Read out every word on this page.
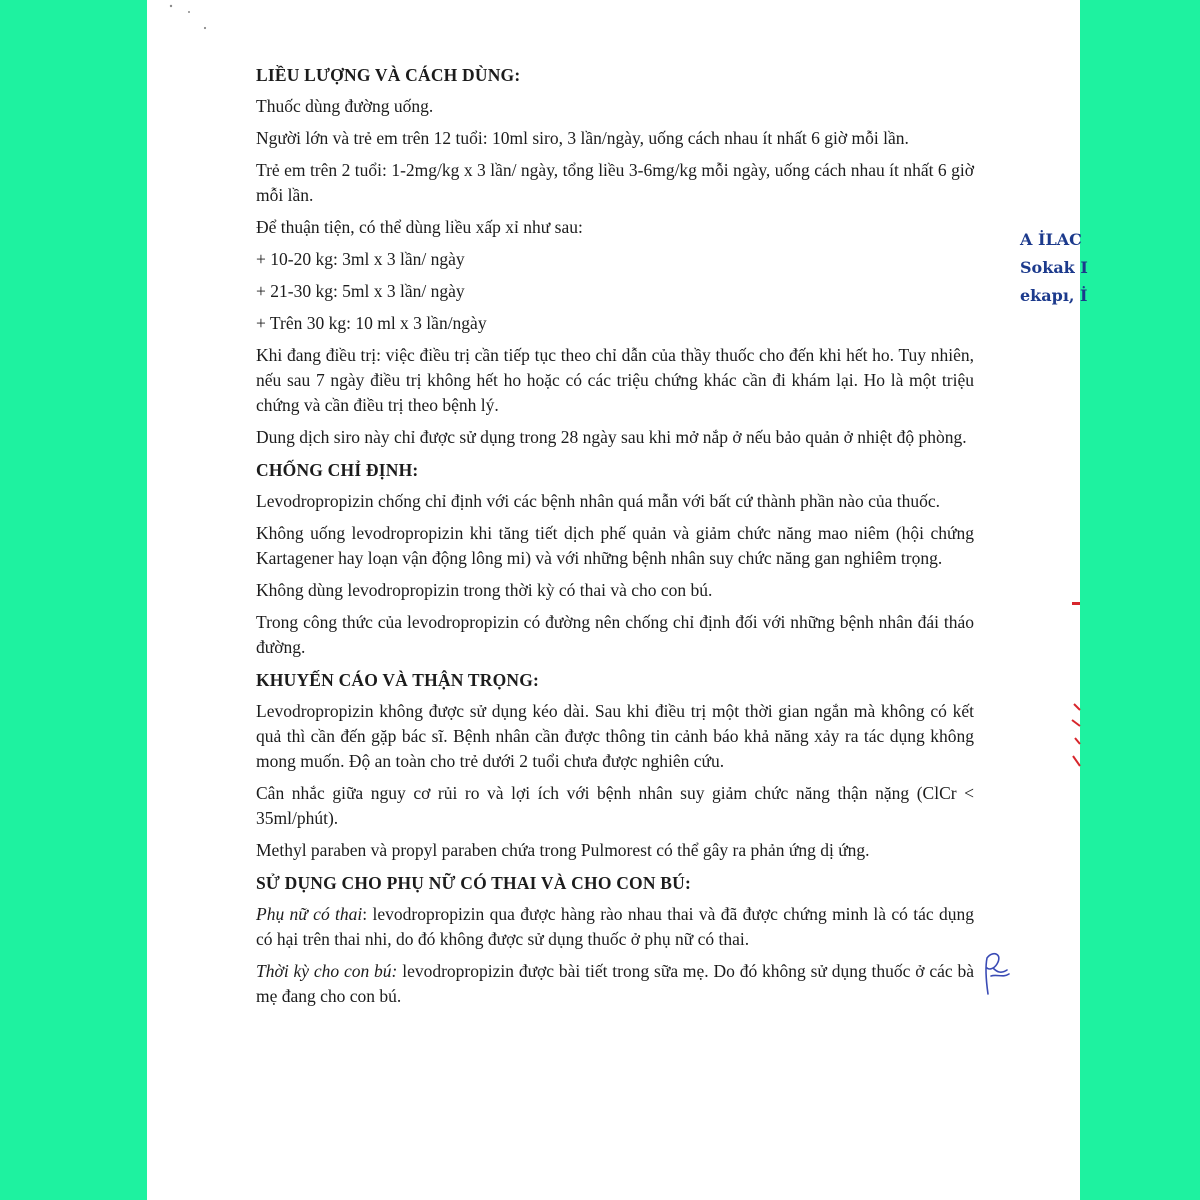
LIỀU LƯỢNG VÀ CÁCH DÙNG:

Thuốc dùng đường uống.

Người lớn và trẻ em trên 12 tuổi: 10ml siro, 3 lần/ngày, uống cách nhau ít nhất 6 giờ mỗi lần.

Trẻ em trên 2 tuổi: 1-2mg/kg x 3 lần/ ngày, tổng liều 3-6mg/kg mỗi ngày, uống cách nhau ít nhất 6 giờ mỗi lần.

Để thuận tiện, có thể dùng liều xấp xỉ như sau:

+ 10-20 kg: 3ml x 3 lần/ ngày

+ 21-30 kg: 5ml x 3 lần/ ngày

+ Trên 30 kg: 10 ml x 3 lần/ngày

Khi đang điều trị: việc điều trị cần tiếp tục theo chỉ dẫn của thầy thuốc cho đến khi hết ho. Tuy nhiên, nếu sau 7 ngày điều trị không hết ho hoặc có các triệu chứng khác cần đi khám lại. Ho là một triệu chứng và cần điều trị theo bệnh lý.

Dung dịch siro này chỉ được sử dụng trong 28 ngày sau khi mở nắp ở nếu bảo quản ở nhiệt độ phòng.

CHỐNG CHỈ ĐỊNH:

Levodropropizin chống chỉ định với các bệnh nhân quá mẫn với bất cứ thành phần nào của thuốc.

Không uống levodropropizin khi tăng tiết dịch phế quản và giảm chức năng mao niêm (hội chứng Kartagener hay loạn vận động lông mi) và với những bệnh nhân suy chức năng gan nghiêm trọng.

Không dùng levodropropizin trong thời kỳ có thai và cho con bú.

Trong công thức của levodropropizin có đường nên chống chỉ định đối với những bệnh nhân đái tháo đường.

KHUYẾN CÁO VÀ THẬN TRỌNG:

Levodropropizin không được sử dụng kéo dài. Sau khi điều trị một thời gian ngắn mà không có kết quả thì cần đến gặp bác sĩ. Bệnh nhân cần được thông tin cảnh báo khả năng xảy ra tác dụng không mong muốn. Độ an toàn cho trẻ dưới 2 tuổi chưa được nghiên cứu.

Cân nhắc giữa nguy cơ rủi ro và lợi ích với bệnh nhân suy giảm chức năng thận nặng (ClCr < 35ml/phút).

Methyl paraben và propyl paraben chứa trong Pulmorest có thể gây ra phản ứng dị ứng.

SỬ DỤNG CHO PHỤ NỮ CÓ THAI VÀ CHO CON BÚ:

Phụ nữ có thai: levodropropizin qua được hàng rào nhau thai và đã được chứng minh là có tác dụng có hại trên thai nhi, do đó không được sử dụng thuốc ở phụ nữ có thai.

Thời kỳ cho con bú: levodropropizin được bài tiết trong sữa mẹ. Do đó không sử dụng thuốc ở các bà mẹ đang cho con bú.

A İLAC
Sokak I
ekapı, İ
